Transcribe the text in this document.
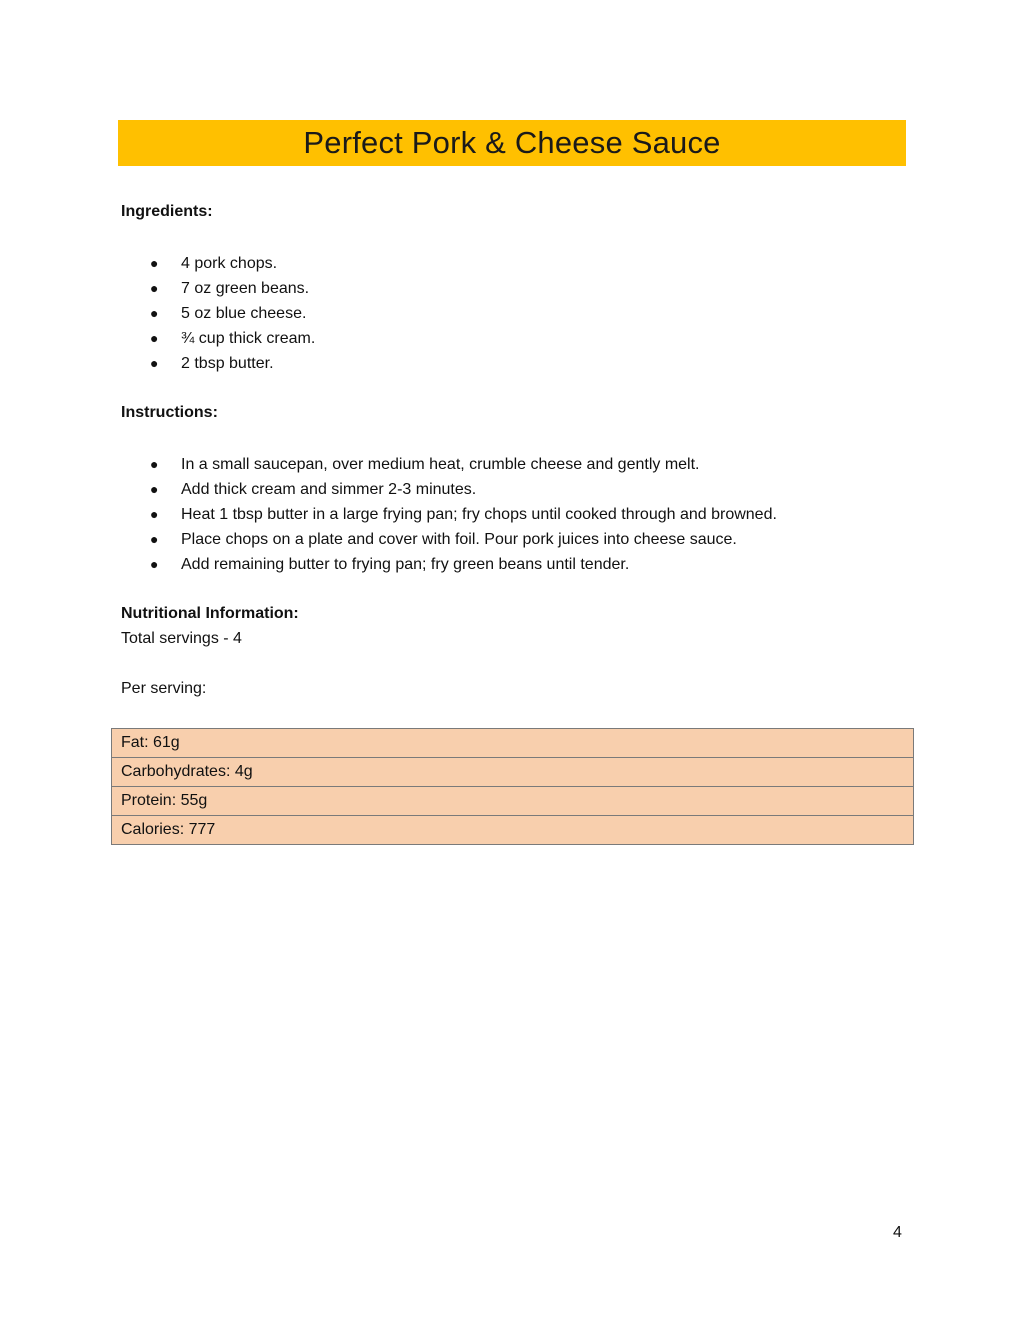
Perfect Pork & Cheese Sauce

Ingredients:

● 4 pork chops.
● 7 oz green beans.
● 5 oz blue cheese.
● ¾ cup thick cream.
● 2 tbsp butter.

Instructions:

● In a small saucepan, over medium heat, crumble cheese and gently melt.
● Add thick cream and simmer 2-3 minutes.
● Heat 1 tbsp butter in a large frying pan; fry chops until cooked through and browned.
● Place chops on a plate and cover with foil. Pour pork juices into cheese sauce.
● Add remaining butter to frying pan; fry green beans until tender.

Nutritional Information:

Total servings - 4

Per serving:

Fat: 61g
Carbohydrates: 4g
Protein: 55g
Calories: 777
4
